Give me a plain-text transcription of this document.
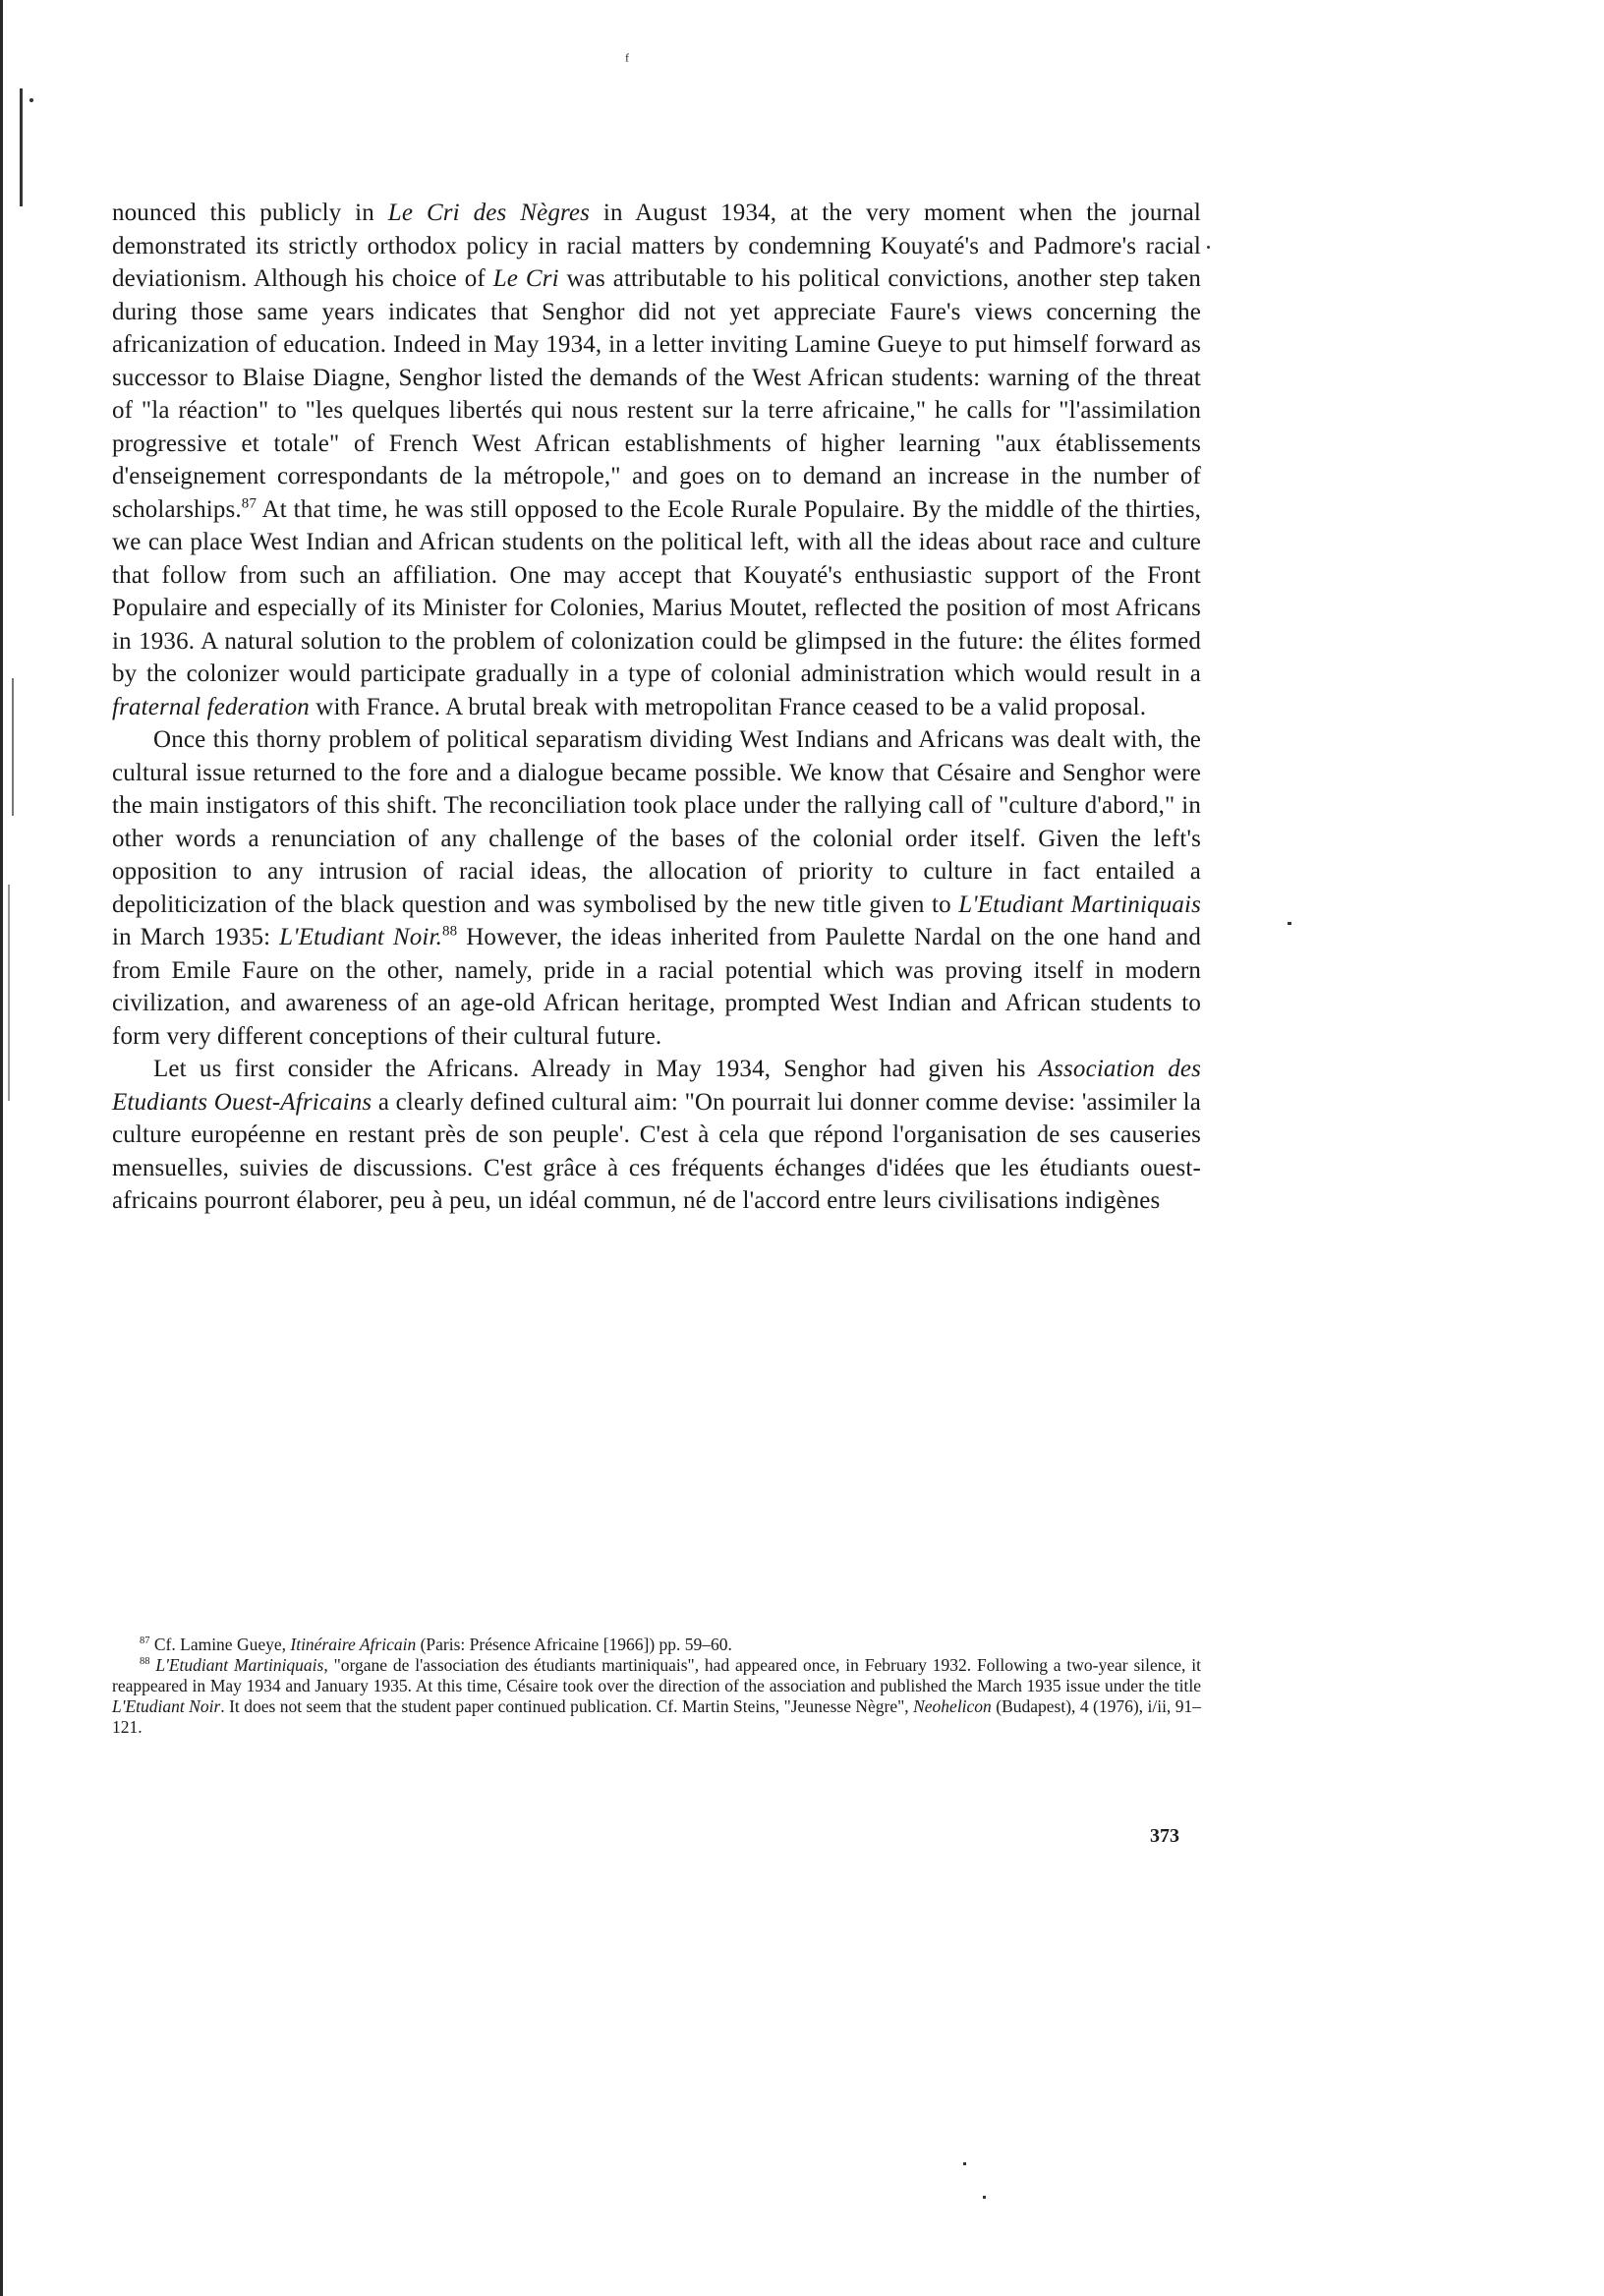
ᶠ

nounced this publicly in Le Cri des Nègres in August 1934, at the very moment when the journal demonstrated its strictly orthodox policy in racial matters by condemning Kouyaté's and Padmore's racial deviationism. Although his choice of Le Cri was attributable to his political convictions, another step taken during those same years indicates that Senghor did not yet appreciate Faure's views concerning the africanization of education. Indeed in May 1934, in a letter inviting Lamine Gueye to put himself forward as successor to Blaise Diagne, Senghor listed the demands of the West African students: warning of the threat of "la réaction" to "les quelques libertés qui nous restent sur la terre africaine," he calls for "l'assimilation progressive et totale" of French West African establishments of higher learning "aux établissements d'enseignement correspondants de la métropole," and goes on to demand an increase in the number of scholarships.$^{87}$ At that time, he was still opposed to the Ecole Rurale Populaire. By the middle of the thirties, we can place West Indian and African students on the political left, with all the ideas about race and culture that follow from such an affiliation. One may accept that Kouyaté's enthusiastic support of the Front Populaire and especially of its Minister for Colonies, Marius Moutet, reflected the position of most Africans in 1936. A natural solution to the problem of colonization could be glimpsed in the future: the élites formed by the colonizer would participate gradually in a type of colonial administration which would result in a fraternal federation with France. A brutal break with metropolitan France ceased to be a valid proposal.

Once this thorny problem of political separatism dividing West Indians and Africans was dealt with, the cultural issue returned to the fore and a dialogue became possible. We know that Césaire and Senghor were the main instigators of this shift. The reconciliation took place under the rallying call of "culture d'abord," in other words a renunciation of any challenge of the bases of the colonial order itself. Given the left's opposition to any intrusion of racial ideas, the allocation of priority to culture in fact entailed a depoliticization of the black question and was symbolised by the new title given to L'Etudiant Martiniquais in March 1935: L'Etudiant Noir.$^{88}$ However, the ideas inherited from Paulette Nardal on the one hand and from Emile Faure on the other, namely, pride in a racial potential which was proving itself in modern civilization, and awareness of an age-old African heritage, prompted West Indian and African students to form very different conceptions of their cultural future.

Let us first consider the Africans. Already in May 1934, Senghor had given his Association des Etudiants Ouest-Africains a clearly defined cultural aim: "On pourrait lui donner comme devise: 'assimiler la culture européenne en restant près de son peuple'. C'est à cela que répond l'organisation de ses causeries mensuelles, suivies de discussions. C'est grâce à ces fréquents échanges d'idées que les étudiants ouest-africains pourront élaborer, peu à peu, un idéal commun, né de l'accord entre leurs civilisations indigènes

$^{87}$ Cf. Lamine Gueye, Itinéraire Africain (Paris: Présence Africaine [1966]) pp. 59–60.

$^{88}$ L'Etudiant Martiniquais, "organe de l'association des étudiants martiniquais", had appeared once, in February 1932. Following a two-year silence, it reappeared in May 1934 and January 1935. At this time, Césaire took over the direction of the association and published the March 1935 issue under the title L'Etudiant Noir. It does not seem that the student paper continued publication. Cf. Martin Steins, "Jeunesse Nègre", Neohelicon (Budapest), 4 (1976), i/ii, 91–121.

373
